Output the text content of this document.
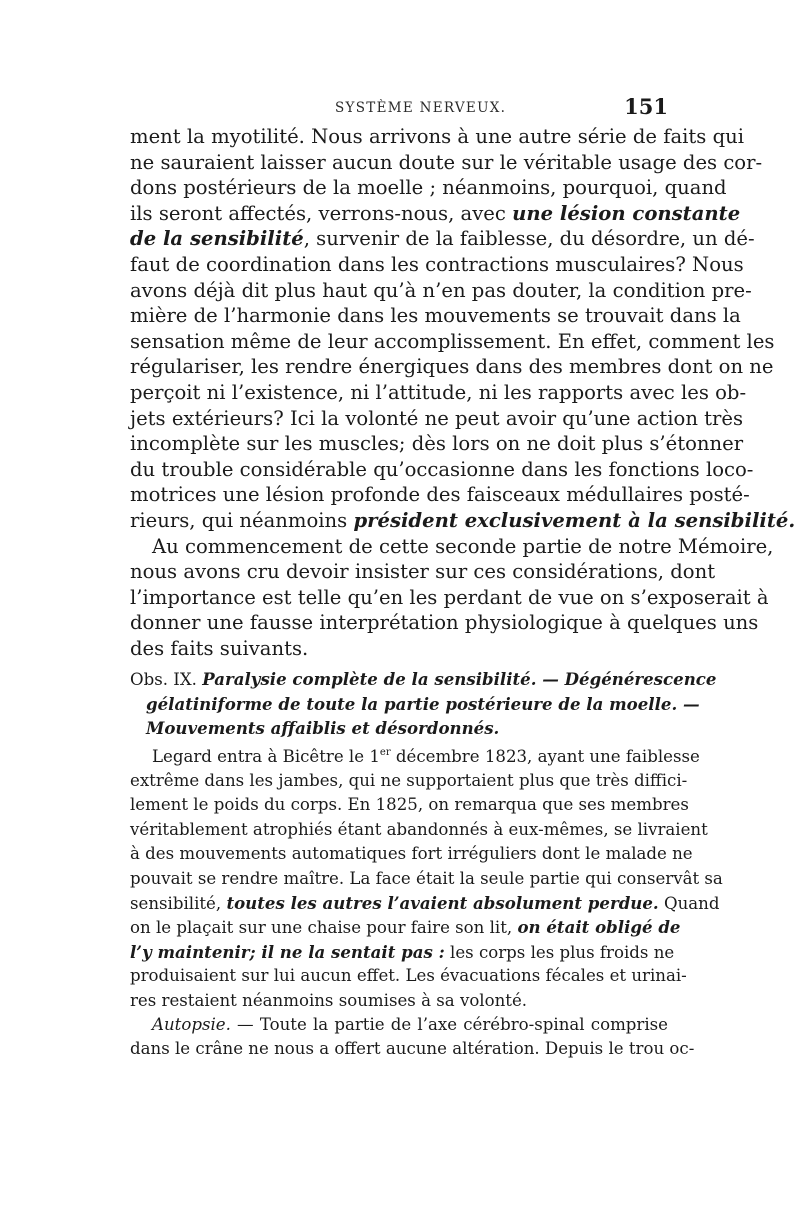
SYSTÈME NERVEUX.	151
ment la myotilité. Nous arrivons à une autre série de faits qui
ne sauraient laisser aucun doute sur le véritable usage des cor-
dons postérieurs de la moelle ; néanmoins, pourquoi, quand
ils seront affectés, verrons-nous, avec une lésion constante
de la sensibilité, survenir de la faiblesse, du désordre, un dé-
faut de coordination dans les contractions musculaires? Nous
avons déjà dit plus haut qu’à n’en pas douter, la condition pre-
mière de l’harmonie dans les mouvements se trouvait dans la
sensation même de leur accomplissement. En effet, comment les
régulariser, les rendre énergiques dans des membres dont on ne
perçoit ni l’existence, ni l’attitude, ni les rapports avec les ob-
jets extérieurs? Ici la volonté ne peut avoir qu’une action très
incomplète sur les muscles; dès lors on ne doit plus s’étonner
du trouble considérable qu’occasionne dans les fonctions loco-
motrices une lésion profonde des faisceaux médullaires posté-
rieurs, qui néanmoins président exclusivement à la sensibilité.
Au commencement de cette seconde partie de notre Mémoire,
nous avons cru devoir insister sur ces considérations, dont
l’importance est telle qu’en les perdant de vue on s’exposerait à
donner une fausse interprétation physiologique à quelques uns
des faits suivants.
Obs. IX. Paralysie complète de la sensibilité. — Dégénérescence
gélatiniforme de toute la partie postérieure de la moelle. —
Mouvements affaiblis et désordonnés.
Legard entra à Bicêtre le 1er décembre 1823, ayant une faiblesse
extrême dans les jambes, qui ne supportaient plus que très diffici-
lement le poids du corps. En 1825, on remarqua que ses membres
véritablement atrophiés étant abandonnés à eux-mêmes, se livraient
à des mouvements automatiques fort irréguliers dont le malade ne
pouvait se rendre maître. La face était la seule partie qui conservât sa
sensibilité, toutes les autres l’avaient absolument perdue. Quand
on le plaçait sur une chaise pour faire son lit, on était obligé de
l’y maintenir; il ne la sentait pas : les corps les plus froids ne
produisaient sur lui aucun effet. Les évacuations fécales et urinai-
res restaient néanmoins soumises à sa volonté.
Autopsie. — Toute la partie de l’axe cérébro-spinal comprise
dans le crâne ne nous a offert aucune altération. Depuis le trou oc-
